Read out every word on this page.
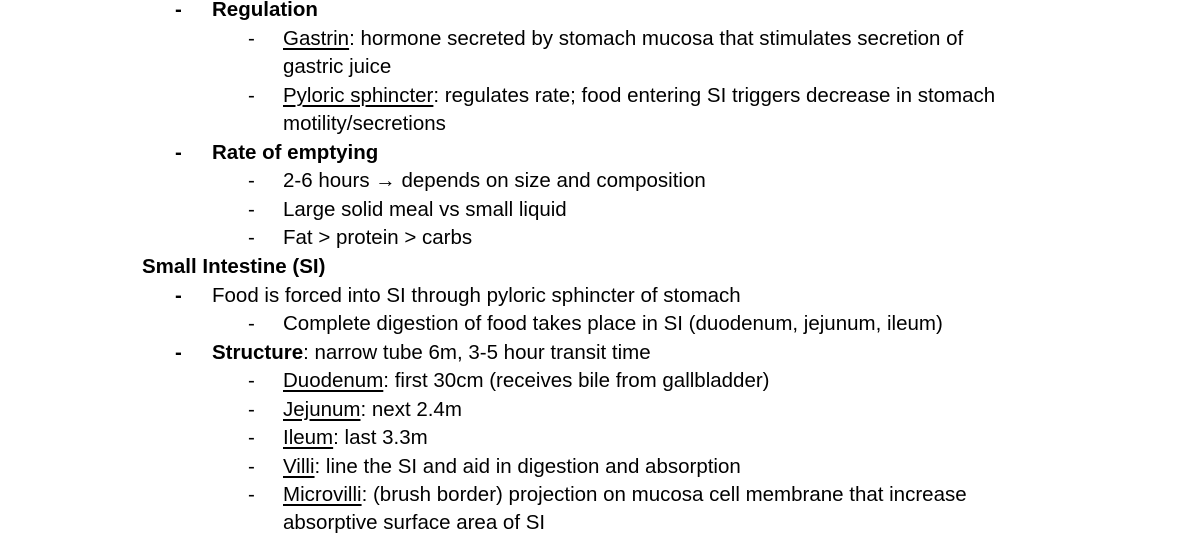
- Regulation
- Gastrin: hormone secreted by stomach mucosa that stimulates secretion of
gastric juice
- Pyloric sphincter: regulates rate; food entering SI triggers decrease in stomach
motility/secretions
- Rate of emptying
- 2-6 hours → depends on size and composition
- Large solid meal vs small liquid
- Fat > protein > carbs
Small Intestine (SI)
- Food is forced into SI through pyloric sphincter of stomach
- Complete digestion of food takes place in SI (duodenum, jejunum, ileum)
- Structure: narrow tube 6m, 3-5 hour transit time
- Duodenum: first 30cm (receives bile from gallbladder)
- Jejunum: next 2.4m
- Ileum: last 3.3m
- Villi: line the SI and aid in digestion and absorption
- Microvilli: (brush border) projection on mucosa cell membrane that increase
absorptive surface area of SI
